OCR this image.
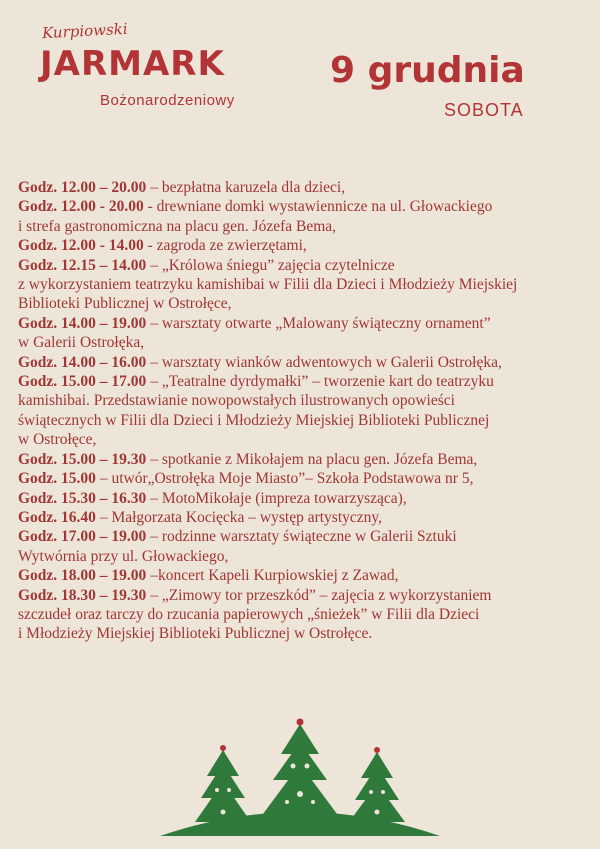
Kurpiowski
JARMARK
Bożonarodzeniowy
9 grudnia
SOBOTA
Godz. 12.00 – 20.00 – bezpłatna karuzela dla dzieci,
Godz. 12.00 - 20.00 - drewniane domki wystawiennicze na ul. Głowackiego
i strefa gastronomiczna na placu gen. Józefa Bema,
Godz. 12.00 - 14.00 - zagroda ze zwierzętami,
Godz. 12.15 – 14.00 – „Królowa śniegu” zajęcia czytelnicze
z wykorzystaniem teatrzyku kamishibai w Filii dla Dzieci i Młodzieży Miejskiej
Biblioteki Publicznej w Ostrołęce,
Godz. 14.00 – 19.00 – warsztaty otwarte „Malowany świąteczny ornament”
w Galerii Ostrołęka,
Godz. 14.00 – 16.00 – warsztaty wianków adwentowych w Galerii Ostrołęka,
Godz. 15.00 – 17.00 – „Teatralne dyrdymałki” – tworzenie kart do teatrzyku
kamishibai. Przedstawianie nowopowstałych ilustrowanych opowieści
świątecznych w Filii dla Dzieci i Młodzieży Miejskiej Biblioteki Publicznej
w Ostrołęce,
Godz. 15.00 – 19.30 – spotkanie z Mikołajem na placu gen. Józefa Bema,
Godz. 15.00 – utwór„Ostrołęka Moje Miasto”– Szkoła Podstawowa nr 5,
Godz. 15.30 – 16.30 – MotoMikołaje (impreza towarzysząca),
Godz. 16.40 – Małgorzata Kocięcka – występ artystyczny,
Godz. 17.00 – 19.00 – rodzinne warsztaty świąteczne w Galerii Sztuki
Wytwórnia przy ul. Głowackiego,
Godz. 18.00 – 19.00 –koncert Kapeli Kurpiowskiej z Zawad,
Godz. 18.30 – 19.30 – „Zimowy tor przeszkód” – zajęcia z wykorzystaniem
szczudeł oraz tarczy do rzucania papierowych „śnieżek” w Filii dla Dzieci
i Młodzieży Miejskiej Biblioteki Publicznej w Ostrołęce.
